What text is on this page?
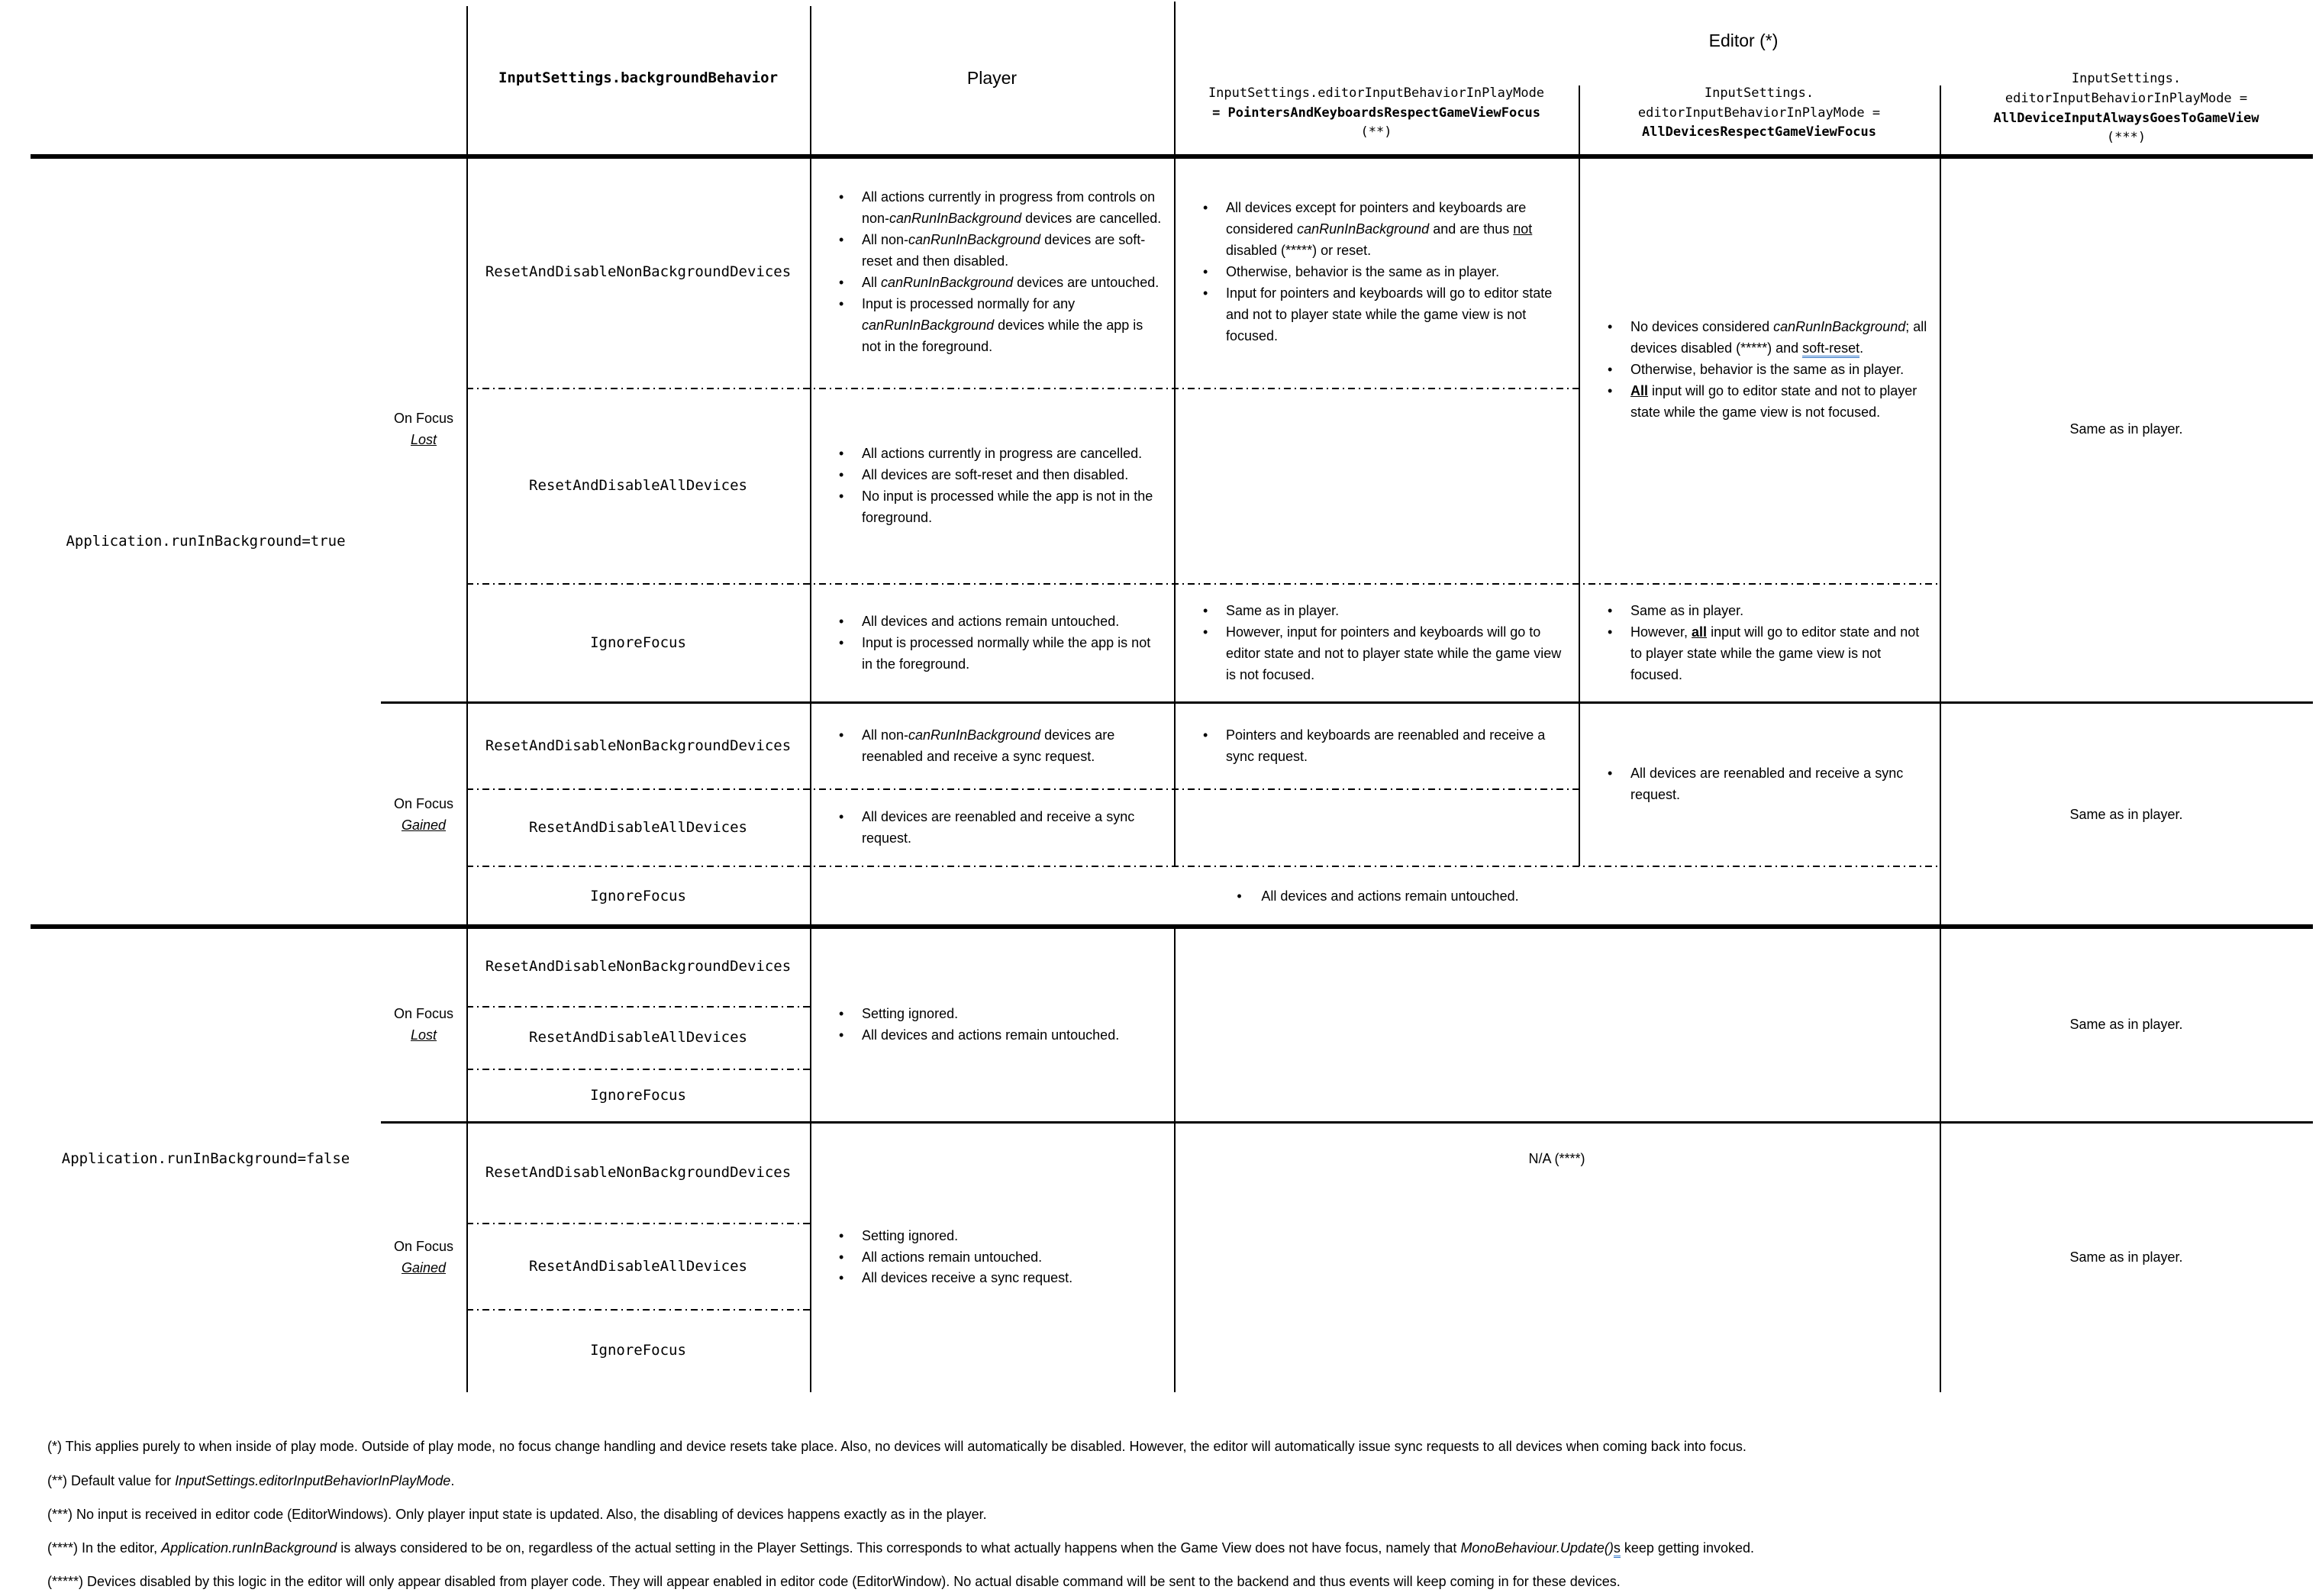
Editor (*)
InputSettings.backgroundBehavior	Player
InputSettings.editorInputBehaviorInPlayMode
= PointersAndKeyboardsRespectGameViewFocus
(**)
InputSettings.
editorInputBehaviorInPlayMode =
AllDevicesRespectGameViewFocus
InputSettings.
editorInputBehaviorInPlayMode =
AllDeviceInputAlwaysGoesToGameView
(***)
Application.runInBackground=true
Application.runInBackground=false
On Focus
Lost
On Focus
Gained
On Focus
Lost
On Focus
Gained
ResetAndDisableNonBackgroundDevices
ResetAndDisableAllDevices
IgnoreFocus
ResetAndDisableNonBackgroundDevices
ResetAndDisableAllDevices
IgnoreFocus
ResetAndDisableNonBackgroundDevices
ResetAndDisableAllDevices
IgnoreFocus
ResetAndDisableNonBackgroundDevices
ResetAndDisableAllDevices
IgnoreFocus
• All actions currently in progress from controls on non-canRunInBackground devices are cancelled.
• All non-canRunInBackground devices are soft-reset and then disabled.
• All canRunInBackground devices are untouched.
• Input is processed normally for any canRunInBackground devices while the app is not in the foreground.
• All devices except for pointers and keyboards are considered canRunInBackground and are thus not disabled (*****) or reset.
• Otherwise, behavior is the same as in player.
• Input for pointers and keyboards will go to editor state and not to player state while the game view is not focused.
• No devices considered canRunInBackground; all devices disabled (*****) and soft-reset.
• Otherwise, behavior is the same as in player.
• All input will go to editor state and not to player state while the game view is not focused.
• All actions currently in progress are cancelled.
• All devices are soft-reset and then disabled.
• No input is processed while the app is not in the foreground.
• All devices and actions remain untouched.
• Input is processed normally while the app is not in the foreground.
• Same as in player.
• However, input for pointers and keyboards will go to editor state and not to player state while the game view is not focused.
• Same as in player.
• However, all input will go to editor state and not to player state while the game view is not focused.
Same as in player.
• All non-canRunInBackground devices are reenabled and receive a sync request.
• Pointers and keyboards are reenabled and receive a sync request.
• All devices are reenabled and receive a sync request.
• All devices are reenabled and receive a sync request.
• All devices and actions remain untouched.
Same as in player.
• Setting ignored.
• All devices and actions remain untouched.
• Setting ignored.
• All actions remain untouched.
• All devices receive a sync request.
N/A (****)
Same as in player.
Same as in player.
(*) This applies purely to when inside of play mode. Outside of play mode, no focus change handling and device resets take place. Also, no devices will automatically be disabled. However, the editor will automatically issue sync requests to all devices when coming back into focus.
(**) Default value for InputSettings.editorInputBehaviorInPlayMode.
(***) No input is received in editor code (EditorWindows). Only player input state is updated. Also, the disabling of devices happens exactly as in the player.
(****) In the editor, Application.runInBackground is always considered to be on, regardless of the actual setting in the Player Settings. This corresponds to what actually happens when the Game View does not have focus, namely that MonoBehaviour.Update()s keep getting invoked.
(*****) Devices disabled by this logic in the editor will only appear disabled from player code. They will appear enabled in editor code (EditorWindow). No actual disable command will be sent to the backend and thus events will keep coming in for these devices.
